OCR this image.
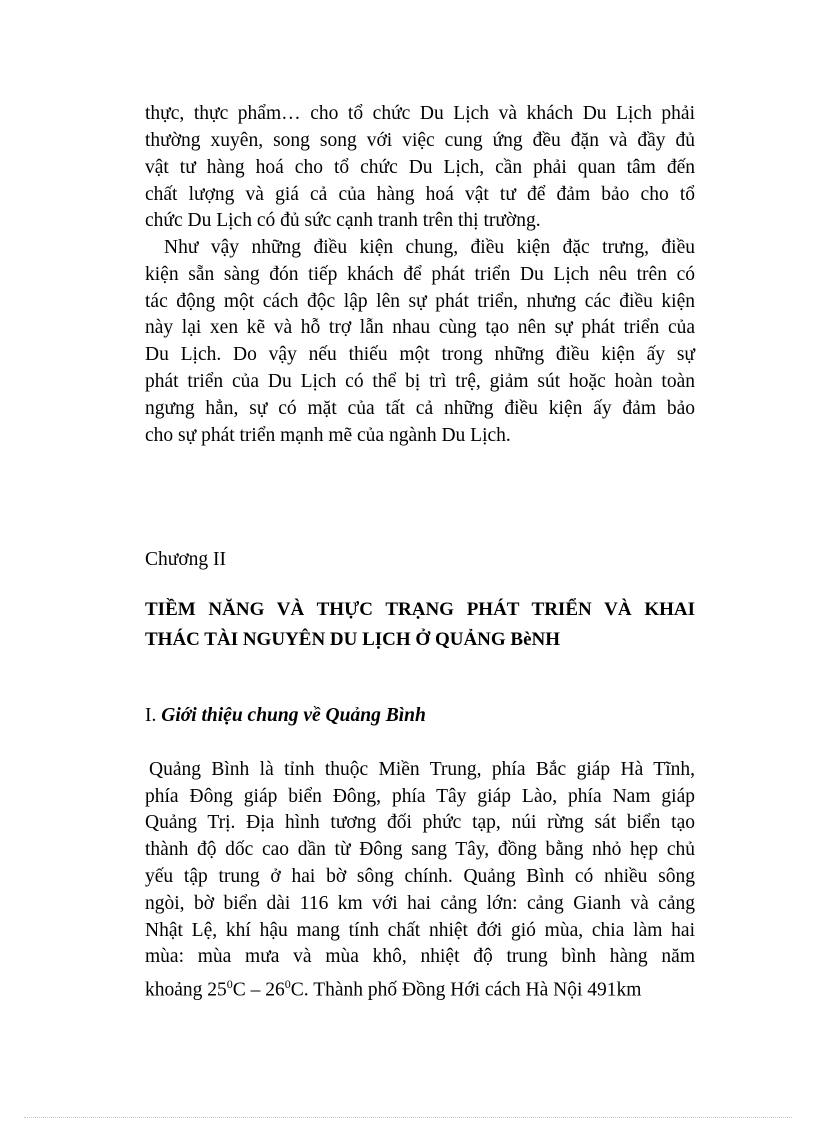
thực, thực phẩm… cho tổ chức Du Lịch và khách Du Lịch phải
thường xuyên, song song với việc cung ứng đều đặn và đầy đủ
vật tư hàng hoá cho tổ chức Du Lịch, cần phải quan tâm đến
chất lượng và giá cả của hàng hoá vật tư để đảm bảo cho tổ
chức Du Lịch có đủ sức cạnh tranh trên thị trường.
Như vậy những điều kiện chung, điều kiện đặc trưng, điều
kiện sẵn sàng đón tiếp khách để phát triển Du Lịch nêu trên có
tác động một cách độc lập lên sự phát triển, nhưng các điều kiện
này lại xen kẽ và hỗ trợ lẫn nhau cùng tạo nên sự phát triển của
Du Lịch. Do vậy nếu thiếu một trong những điều kiện ấy sự
phát triển của Du Lịch có thể bị trì trệ, giảm sút hoặc hoàn toàn
ngưng hẳn, sự có mặt của tất cả những điều kiện ấy đảm bảo
cho sự phát triển mạnh mẽ của ngành Du Lịch.
Chương II
TIỀM NĂNG VÀ THỰC TRẠNG PHÁT TRIỂN VÀ KHAI
THÁC TÀI NGUYÊN DU LỊCH Ở QUẢNG BèNH
I. Giới thiệu chung về Quảng Bình
Quảng Bình là tỉnh thuộc Miền Trung, phía Bắc giáp Hà Tĩnh,
phía Đông giáp biển Đông, phía Tây giáp Lào, phía Nam giáp
Quảng Trị. Địa hình tương đối phức tạp, núi rừng sát biển tạo
thành độ dốc cao dần từ Đông sang Tây, đồng bằng nhỏ hẹp chủ
yếu tập trung ở hai bờ sông chính. Quảng Bình có nhiều sông
ngòi, bờ biển dài 116 km với hai cảng lớn: cảng Gianh và cảng
Nhật Lệ, khí hậu mang tính chất nhiệt đới gió mùa, chia làm hai
mùa: mùa mưa và mùa khô, nhiệt độ trung bình hàng năm
khoảng $25^0C - 26^0C$. Thành phố Đồng Hới cách Hà Nội 491km
